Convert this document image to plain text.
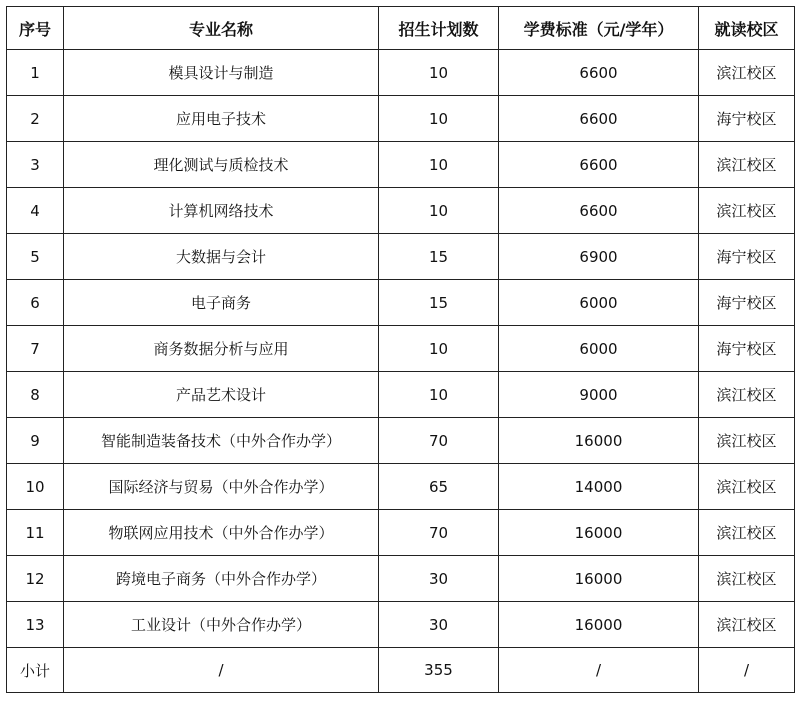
序号	专业名称	招生计划数	学费标准（元/学年）	就读校区
1	模具设计与制造	10	6600	滨江校区
2	应用电子技术	10	6600	海宁校区
3	理化测试与质检技术	10	6600	滨江校区
4	计算机网络技术	10	6600	滨江校区
5	大数据与会计	15	6900	海宁校区
6	电子商务	15	6000	海宁校区
7	商务数据分析与应用	10	6000	海宁校区
8	产品艺术设计	10	9000	滨江校区
9	智能制造装备技术（中外合作办学）	70	16000	滨江校区
10	国际经济与贸易（中外合作办学）	65	14000	滨江校区
11	物联网应用技术（中外合作办学）	70	16000	滨江校区
12	跨境电子商务（中外合作办学）	30	16000	滨江校区
13	工业设计（中外合作办学）	30	16000	滨江校区
小计	/	355	/	/
